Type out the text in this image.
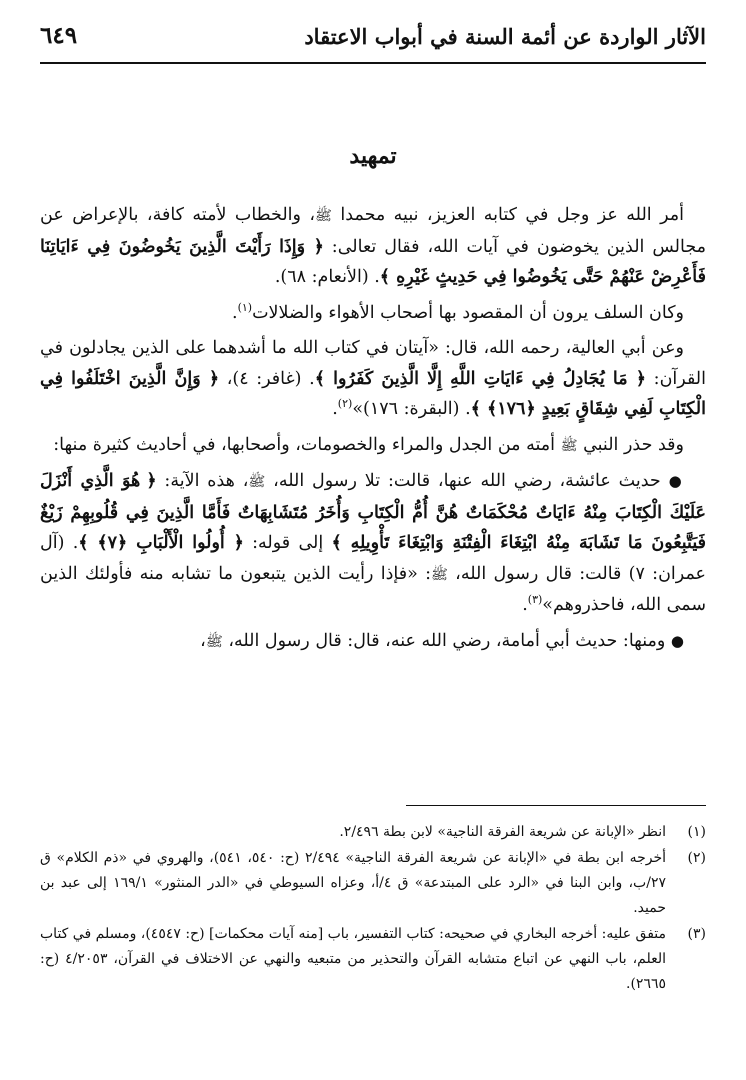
الآثار الواردة عن أئمة السنة في أبواب الاعتقاد
٦٤٩
تمهيد

أمر الله عز وجل في كتابه العزيز، نبيه محمدا ﷺ، والخطاب لأمته كافة، بالإعراض عن مجالس الذين يخوضون في آيات الله، فقال تعالى: ﴿ وَإِذَا رَأَيْتَ الَّذِينَ يَخُوضُونَ فِي ءَايَاتِنَا فَأَعْرِضْ عَنْهُمْ حَتَّى يَخُوضُوا فِي حَدِيثٍ غَيْرِهِ ﴾. (الأنعام: ٦٨).

وكان السلف يرون أن المقصود بها أصحاب الأهواء والضلالات$^{(١)}$.

وعن أبي العالية، رحمه الله، قال: «آيتان في كتاب الله ما أشدهما على الذين يجادلون في القرآن: ﴿ مَا يُجَادِلُ فِي ءَايَاتِ اللَّهِ إِلَّا الَّذِينَ كَفَرُوا ﴾. (غافر: ٤)، ﴿ وَإِنَّ الَّذِينَ اخْتَلَفُوا فِي الْكِتَابِ لَفِي شِقَاقٍ بَعِيدٍ ﴿١٧٦﴾ ﴾. (البقرة: ١٧٦)»$^{(٢)}$.

وقد حذر النبي ﷺ أمته من الجدل والمراء والخصومات، وأصحابها، في أحاديث كثيرة منها:

● حديث عائشة، رضي الله عنها، قالت: تلا رسول الله، ﷺ، هذه الآية: ﴿ هُوَ الَّذِي أَنْزَلَ عَلَيْكَ الْكِتَابَ مِنْهُ ءَايَاتٌ مُحْكَمَاتٌ هُنَّ أُمُّ الْكِتَابِ وَأُخَرُ مُتَشَابِهَاتٌ فَأَمَّا الَّذِينَ فِي قُلُوبِهِمْ زَيْغٌ فَيَتَّبِعُونَ مَا تَشَابَهَ مِنْهُ ابْتِغَاءَ الْفِتْنَةِ وَابْتِغَاءَ تَأْوِيلِهِ ﴾ إلى قوله: ﴿ أُولُوا الْأَلْبَابِ ﴿٧﴾ ﴾. (آل عمران: ٧) قالت: قال رسول الله، ﷺ: «فإذا رأيت الذين يتبعون ما تشابه منه فأولئك الذين سمى الله، فاحذروهم»$^{(٣)}$.

● ومنها: حديث أبي أمامة، رضي الله عنه، قال: قال رسول الله، ﷺ،

(١)
انظر «الإبانة عن شريعة الفرقة الناجية» لابن بطة ٢/٤٩٦.
(٢)
أخرجه ابن بطة في «الإبانة عن شريعة الفرقة الناجية» ٢/٤٩٤ (ح: ٥٤٠، ٥٤١)، والهروي في «ذم الكلام» ق ٢٧/ب، وابن البنا في «الرد على المبتدعة» ق ٤/أ، وعزاه السيوطي في «الدر المنثور» ١٦٩/١ إلى عبد بن حميد.
(٣)
متفق عليه: أخرجه البخاري في صحيحه: كتاب التفسير، باب [منه آيات محكمات] (ح: ٤٥٤٧)، ومسلم في كتاب العلم، باب النهي عن اتباع متشابه القرآن والتحذير من متبعيه والنهي عن الاختلاف في القرآن، ٤/٢٠٥٣ (ح: ٢٦٦٥).
